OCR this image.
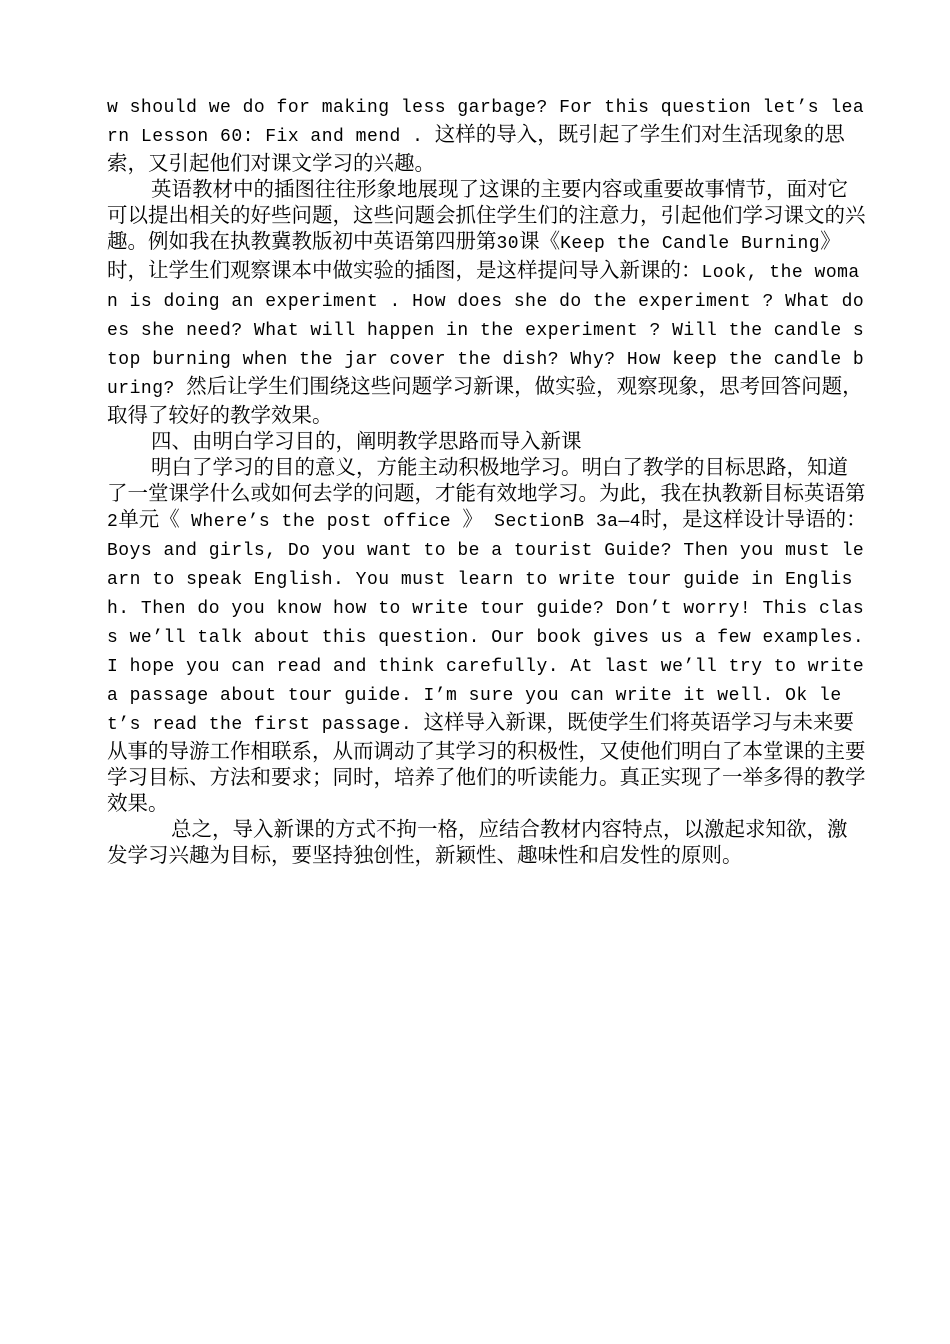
w should we do for making less garbage? For this question let’s learn Lesson 60: Fix and mend . 这样的导入，既引起了学生们对生活现象的思索，又引起他们对课文学习的兴趣。

英语教材中的插图往往形象地展现了这课的主要内容或重要故事情节，面对它可以提出相关的好些问题，这些问题会抓住学生们的注意力，引起他们学习课文的兴趣。例如我在执教冀教版初中英语第四册第30课《Keep the Candle Burning》时，让学生们观察课本中做实验的插图，是这样提问导入新课的：Look, the woman is doing an experiment . How does she do the experiment ? What does she need? What will happen in the experiment ? Will the candle stop burning when the jar cover the dish? Why? How keep the candle buring? 然后让学生们围绕这些问题学习新课，做实验，观察现象，思考回答问题，取得了较好的教学效果。

四、由明白学习目的，阐明教学思路而导入新课

明白了学习的目的意义，方能主动积极地学习。明白了教学的目标思路，知道了一堂课学什么或如何去学的问题，才能有效地学习。为此，我在执教新目标英语第2单元《 Where’s the post office 》 SectionB 3a—4时，是这样设计导语的：Boys and girls, Do you want to be a tourist Guide? Then you must learn to speak English. You must learn to write tour guide in English. Then do you know how to write tour guide? Don’t worry! This class we’ll talk about this question. Our book gives us a few examples. I hope you can read and think carefully. At last we’ll try to write a passage about tour guide. I’m sure you can write it well. Ok let’s read the first passage. 这样导入新课，既使学生们将英语学习与未来要从事的导游工作相联系，从而调动了其学习的积极性，又使他们明白了本堂课的主要学习目标、方法和要求；同时，培养了他们的听读能力。真正实现了一举多得的教学效果。

总之，导入新课的方式不拘一格，应结合教材内容特点，以激起求知欲，激发学习兴趣为目标，要坚持独创性，新颖性、趣味性和启发性的原则。
